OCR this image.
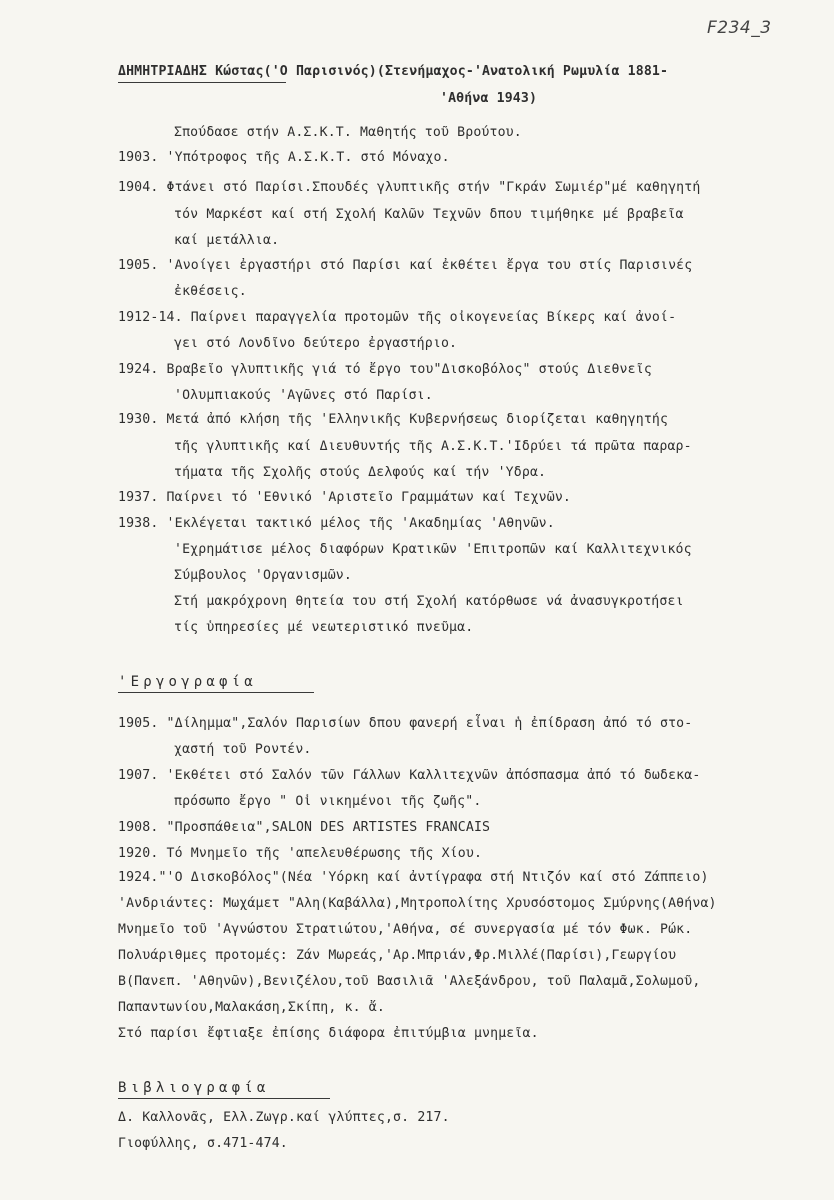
F234_3
ΔΗΜΗΤΡΙΑΔΗΣ Κώστας('Ο Παρισινός)(Στενήμαχος-'Ανατολική Ρωμυλία 1881-
'Αθήνα 1943)
Σπούδασε στήν Α.Σ.Κ.Τ. Μαθητής τοῦ Βρούτου.
1903. 'Υπότροφος τῆς Α.Σ.Κ.Τ. στό Μόναχο.
1904. Φτάνει στό Παρίσι.Σπουδές γλυπτικῆς στήν "Γκράν Σωμιέρ"μέ καθηγητή
τόν Μαρκέστ καί στή Σχολή Καλῶν Τεχνῶν δπου τιμήθηκε μέ βραβεῖα
καί μετάλλια.
1905. 'Ανοίγει ἐργαστήρι στό Παρίσι καί ἐκθέτει ἔργα του στίς Παρισινές
ἐκθέσεις.
1912-14. Παίρνει παραγγελία προτομῶν τῆς οἰκογενείας Βίκερς καί ἀνοί-
γει στό Λονδῖνο δεύτερο ἐργαστήριο.
1924. Βραβεῖο γλυπτικῆς γιά τό ἔργο του"Δισκοβόλος" στούς Διεθνεῖς
'Ολυμπιακούς 'Αγῶνες στό Παρίσι.
1930. Μετά ἀπό κλήση τῆς 'Ελληνικῆς Κυβερνήσεως διορίζεται καθηγητής
τῆς γλυπτικῆς καί Διευθυντής τῆς Α.Σ.Κ.Τ.'Ιδρύει τά πρῶτα παραρ-
τήματα τῆς Σχολῆς στούς Δελφούς καί τήν 'Υδρα.
1937. Παίρνει τό 'Εθνικό 'Αριστεῖο Γραμμάτων καί Τεχνῶν.
1938. 'Εκλέγεται τακτικό μέλος τῆς 'Ακαδημίας 'Αθηνῶν.
'Εχρημάτισε μέλος διαφόρων Κρατικῶν 'Επιτροπῶν καί Καλλιτεχνικός
Σύμβουλος 'Οργανισμῶν.
Στή μακρόχρονη θητεία του στή Σχολή κατόρθωσε νά ἀνασυγκροτήσει
τίς ὑπηρεσίες μέ νεωτεριστικό πνεῦμα.
'Εργογραφία
1905. "Δίλημμα",Σαλόν Παρισίων δπου φανερή εἶναι ἡ ἐπίδραση ἀπό τό στο-
χαστή τοῦ Ροντέν.
1907. 'Εκθέτει στό Σαλόν τῶν Γάλλων Καλλιτεχνῶν ἀπόσπασμα ἀπό τό δωδεκα-
πρόσωπο ἔργο " Οἱ νικημένοι τῆς ζωῆς".
1908. "Προσπάθεια",SALON DES ARTISTES FRANCAIS
1920. Τό Μνημεῖο τῆς 'απελευθέρωσης τῆς Χίου.
1924."'Ο Δισκοβόλος"(Νέα 'Υόρκη καί ἀντίγραφα στή Ντιζόν καί στό Ζάππειο)
'Ανδριάντες: Μωχάμετ "Αλη(Καβάλλα),Μητροπολίτης Χρυσόστομος Σμύρνης(Αθήνα)
Μνημεῖο τοῦ 'Αγνώστου Στρατιώτου,'Αθήνα, σέ συνεργασία μέ τόν Φωκ. Ρώκ.
Πολυάριθμες προτομές: Ζάν Μωρεάς,'Αρ.Μπριάν,Φρ.Μιλλέ(Παρίσι),Γεωργίου
Β(Πανεπ. 'Αθηνῶν),Βενιζέλου,τοῦ Βασιλιᾶ 'Αλεξάνδρου, τοῦ Παλαμᾶ,Σολωμοῦ,
Παπαντωνίου,Μαλακάση,Σκίπη, κ. ἄ.
Στό παρίσι ἔφτιαξε ἐπίσης διάφορα ἐπιτύμβια μνημεῖα.
Βιβλιογραφία
Δ. Καλλονᾶς, Ελλ.Ζωγρ.καί γλύπτες,σ. 217.
Γιοφύλλης, σ.471-474.
